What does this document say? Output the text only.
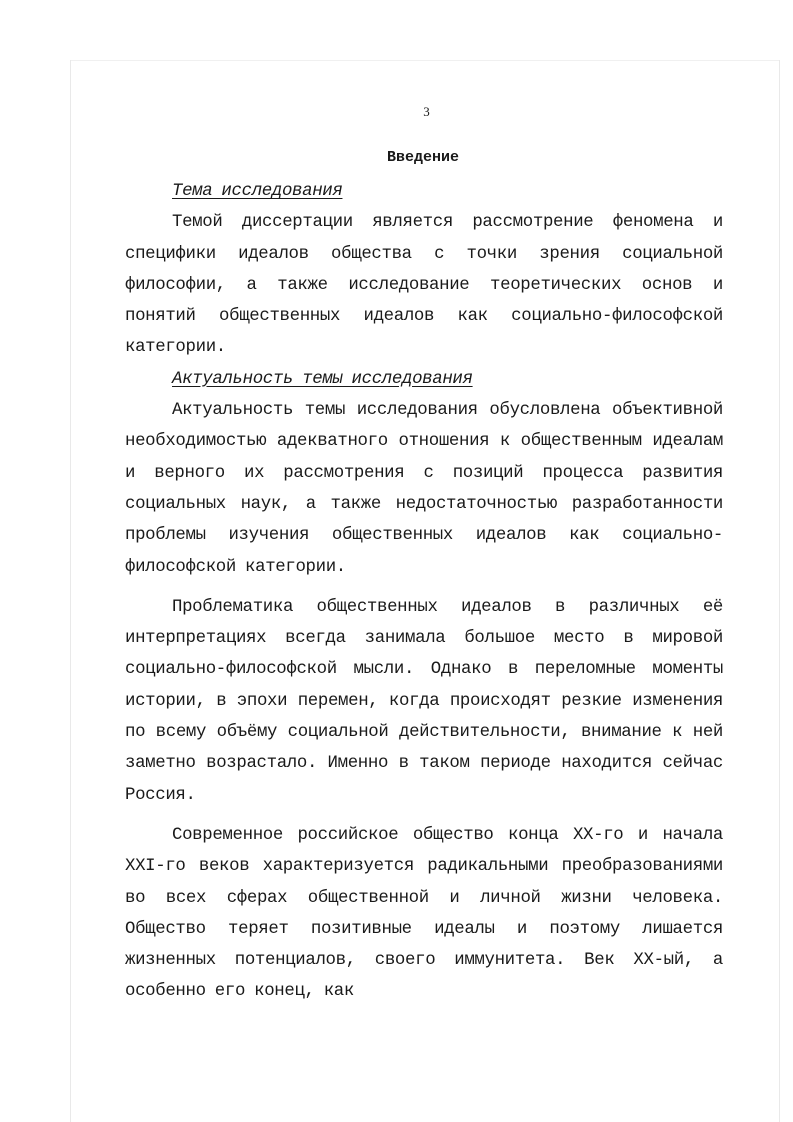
3
Введение

Тема исследования

Темой диссертации является рассмотрение феномена и специфики идеалов общества с точки зрения социальной философии, а также исследование теоретических основ и понятий общественных идеалов как социально-философской категории.

Актуальность темы исследования

Актуальность темы исследования обусловлена объективной необходимостью адекватного отношения к общественным идеалам и верного их рассмотрения с позиций процесса развития социальных наук, а также недостаточностью разработанности проблемы изучения общественных идеалов как социально-философской категории.

Проблематика общественных идеалов в различных её интерпретациях всегда занимала большое место в мировой социально-философской мысли. Однако в переломные моменты истории, в эпохи перемен, когда происходят резкие изменения по всему объёму социальной действительности, внимание к ней заметно возрастало. Именно в таком периоде находится сейчас Россия.

Современное российское общество конца XX-го и начала XXI-го веков характеризуется радикальными преобразованиями во всех сферах общественной и личной жизни человека. Общество теряет позитивные идеалы и поэтому лишается жизненных потенциалов, своего иммунитета. Век XX-ый, а особенно его конец, как
